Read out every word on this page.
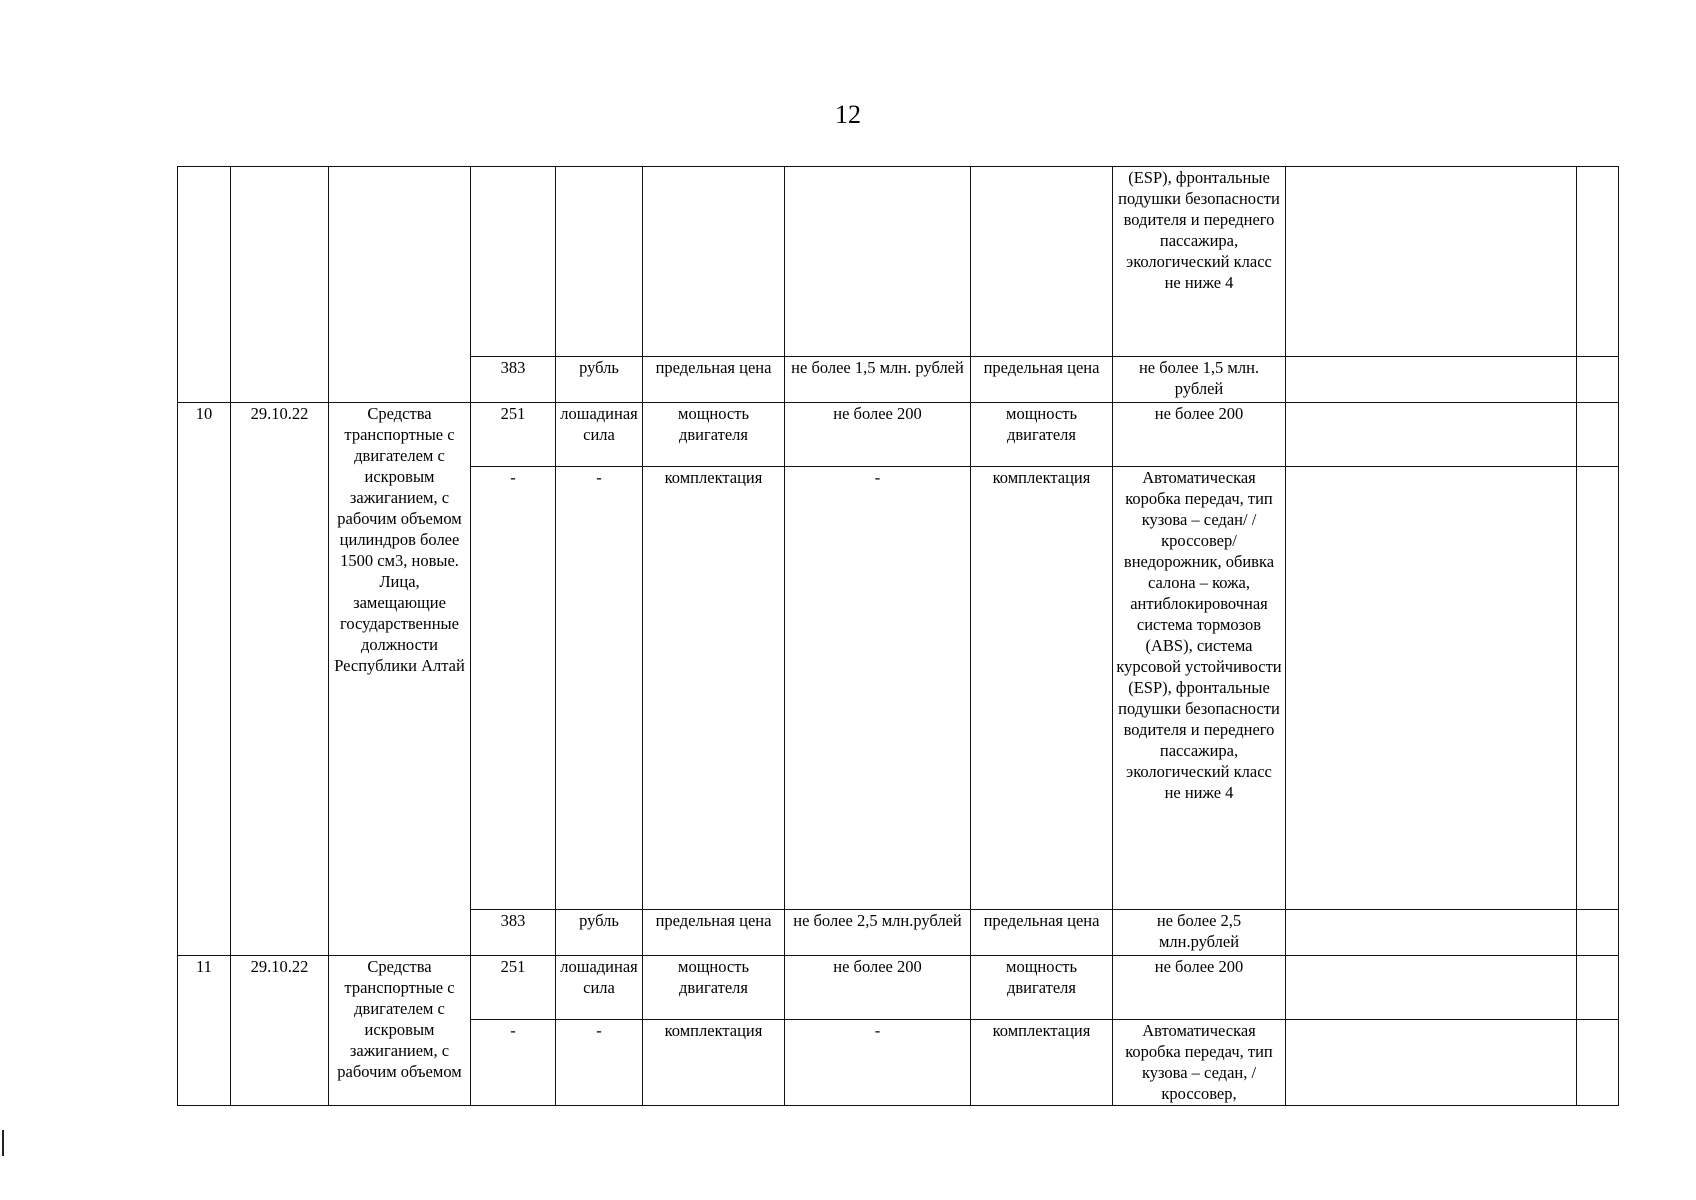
12
								(ESP), фронтальные подушки безопасности водителя и переднего пассажира, экологический класс не ниже 4		
			383	рубль	предельная цена	не более 1,5 млн. рублей	предельная цена	не более 1,5 млн. рублей		
10	29.10.22	Средства транспортные с двигателем с искровым зажиганием, с рабочим объемом цилиндров более 1500 см3, новые. Лица, замещающие государственные должности Республики Алтай	251	лошадиная сила	мощность двигателя	не более 200	мощность двигателя	не более 200		
			-	-	комплектация	-	комплектация	Автоматическая коробка передач, тип кузова – седан/ /кроссовер/внедорожник, обивка салона – кожа, антиблокировочная система тормозов (ABS), система курсовой устойчивости (ESP), фронтальные подушки безопасности водителя и переднего пассажира, экологический класс не ниже 4		
			383	рубль	предельная цена	не более 2,5 млн.рублей	предельная цена	не более 2,5 млн.рублей		
11	29.10.22	Средства транспортные с двигателем с искровым зажиганием, с рабочим объемом	251	лошадиная сила	мощность двигателя	не более 200	мощность двигателя	не более 200		
			-	-	комплектация	-	комплектация	Автоматическая коробка передач, тип кузова – седан, /кроссовер,		
